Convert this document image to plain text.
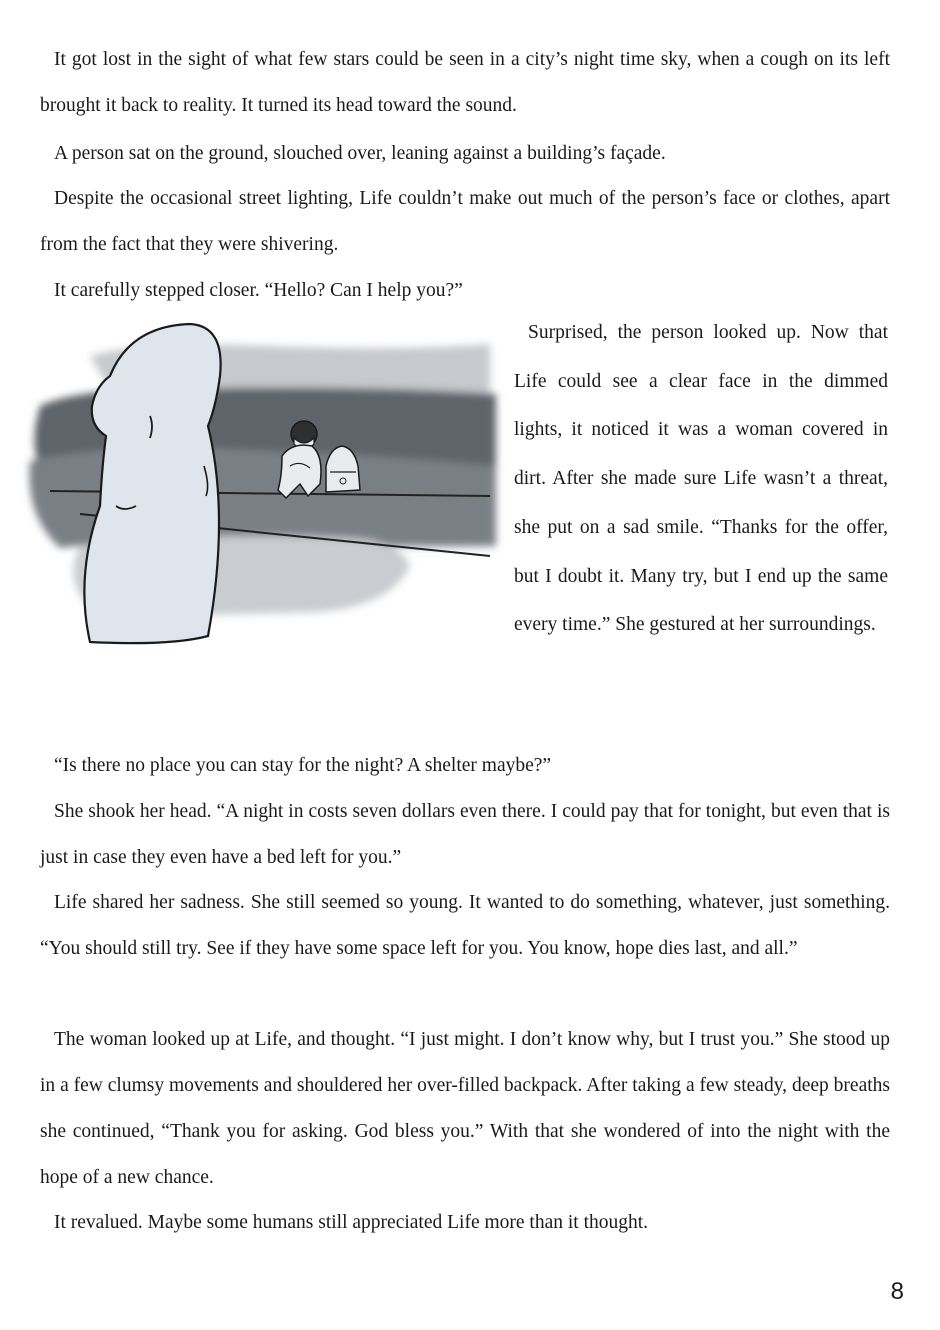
It got lost in the sight of what few stars could be seen in a city’s night time sky, when a cough on its left brought it back to reality. It turned its head toward the sound.

A person sat on the ground, slouched over, leaning against a building’s façade.

Despite the occasional street lighting, Life couldn’t make out much of the person’s face or clothes, apart from the fact that they were shivering.

It carefully stepped closer. “Hello? Can I help you?”

Surprised, the person looked up. Now that Life could see a clear face in the dimmed lights, it noticed it was a woman covered in dirt. After she made sure Life wasn’t a threat, she put on a sad smile. “Thanks for the offer, but I doubt it. Many try, but I end up the same every time.” She gestured at her surroundings.

“Is there no place you can stay for the night? A shelter maybe?”

She shook her head. “A night in costs seven dollars even there. I could pay that for tonight, but even that is just in case they even have a bed left for you.”

Life shared her sadness. She still seemed so young. It wanted to do something, whatever, just something. “You should still try. See if they have some space left for you. You know, hope dies last, and all.”

The woman looked up at Life, and thought. “I just might. I don’t know why, but I trust you.” She stood up in a few clumsy movements and shouldered her over-filled backpack. After taking a few steady, deep breaths she continued, “Thank you for asking. God bless you.” With that she wondered of into the night with the hope of a new chance.

It revalued. Maybe some humans still appreciated Life more than it thought.

8
